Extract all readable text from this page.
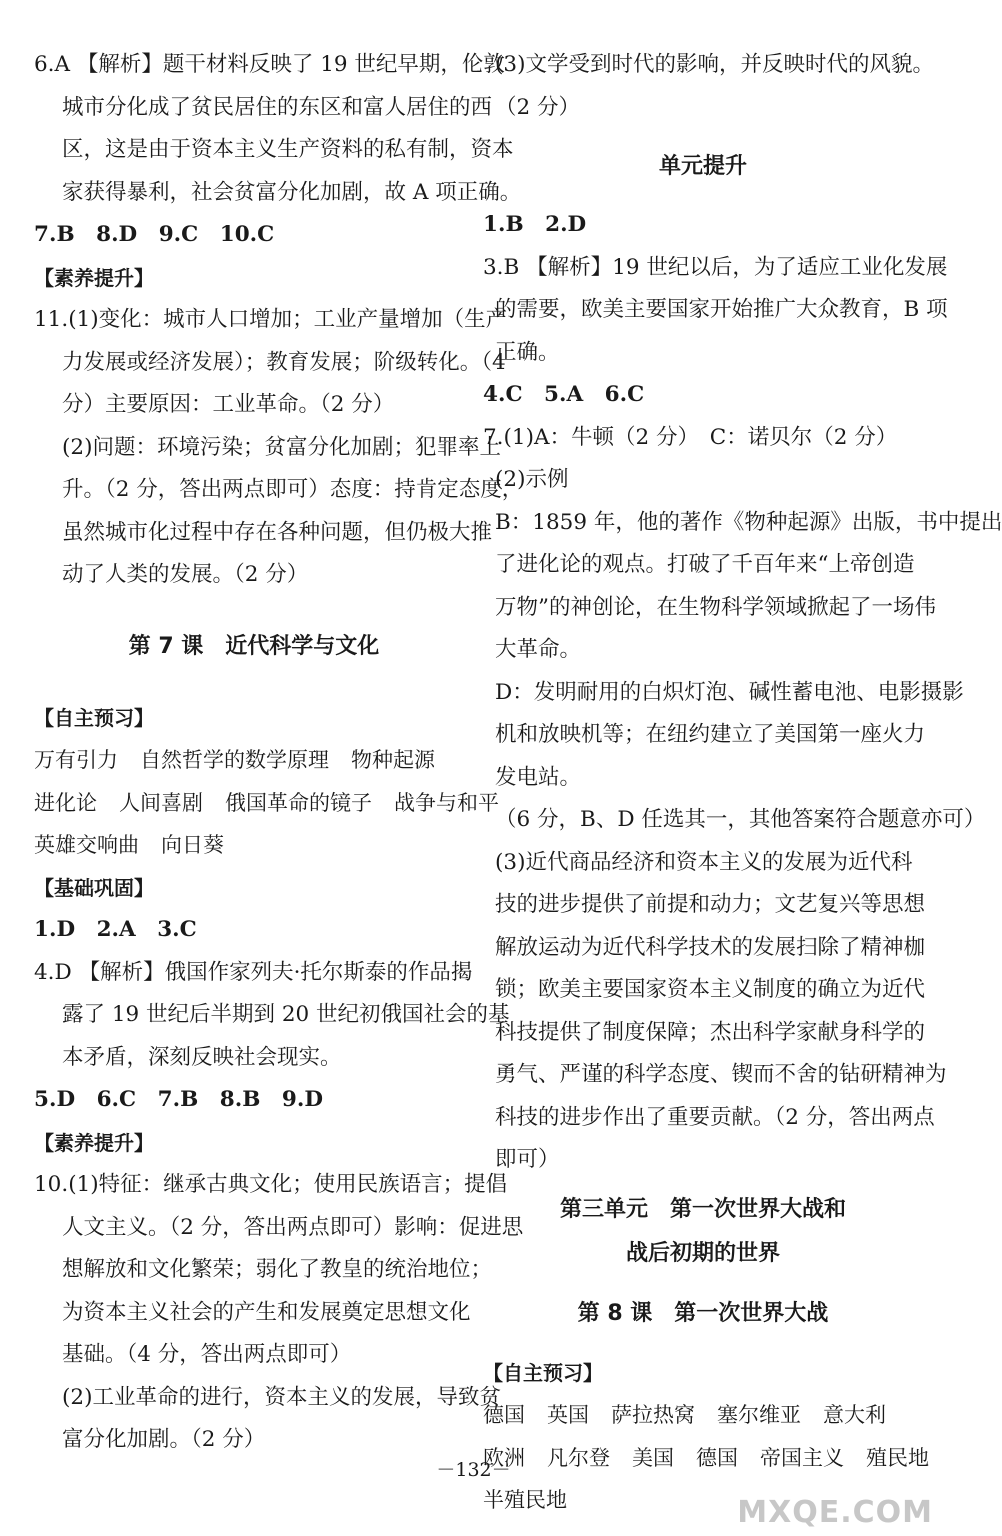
6.A 【解析】题干材料反映了 19 世纪早期，伦敦
城市分化成了贫民居住的东区和富人居住的西
区，这是由于资本主义生产资料的私有制，资本
家获得暴利，社会贫富分化加剧，故 A 项正确。
7.B　8.D　9.C　10.C
【素养提升】
11.(1)变化：城市人口增加；工业产量增加（生产
力发展或经济发展）；教育发展；阶级转化。（4
分）主要原因：工业革命。（2 分）
(2)问题：环境污染；贫富分化加剧；犯罪率上
升。（2 分，答出两点即可）态度：持肯定态度，
虽然城市化过程中存在各种问题，但仍极大推
动了人类的发展。（2 分）
第 7 课　近代科学与文化
【自主预习】
万有引力 自然哲学的数学原理 物种起源
进化论 人间喜剧 俄国革命的镜子 战争与和平
英雄交响曲 向日葵
【基础巩固】
1.D　2.A　3.C
4.D 【解析】俄国作家列夫·托尔斯泰的作品揭
露了 19 世纪后半期到 20 世纪初俄国社会的基
本矛盾，深刻反映社会现实。
5.D　6.C　7.B　8.B　9.D
【素养提升】
10.(1)特征：继承古典文化；使用民族语言；提倡
人文主义。（2 分，答出两点即可）影响：促进思
想解放和文化繁荣；弱化了教皇的统治地位；
为资本主义社会的产生和发展奠定思想文化
基础。（4 分，答出两点即可）
(2)工业革命的进行，资本主义的发展，导致贫
富分化加剧。（2 分）
(3)文学受到时代的影响，并反映时代的风貌。
（2 分）
单元提升
1.B　2.D
3.B 【解析】19 世纪以后，为了适应工业化发展
的需要，欧美主要国家开始推广大众教育，B 项
正确。
4.C　5.A　6.C
7.(1)A：牛顿（2 分）　C：诺贝尔（2 分）
(2)示例
B：1859 年，他的著作《物种起源》出版，书中提出
了进化论的观点。打破了千百年来“上帝创造
万物”的神创论，在生物科学领域掀起了一场伟
大革命。
D：发明耐用的白炽灯泡、碱性蓄电池、电影摄影
机和放映机等；在纽约建立了美国第一座火力
发电站。
（6 分，B、D 任选其一，其他答案符合题意亦可）
(3)近代商品经济和资本主义的发展为近代科
技的进步提供了前提和动力；文艺复兴等思想
解放运动为近代科学技术的发展扫除了精神枷
锁；欧美主要国家资本主义制度的确立为近代
科技提供了制度保障；杰出科学家献身科学的
勇气、严谨的科学态度、锲而不舍的钻研精神为
科技的进步作出了重要贡献。（2 分，答出两点
即可）
第三单元　第一次世界大战和
战后初期的世界
第 8 课　第一次世界大战
【自主预习】
德国 英国 萨拉热窝 塞尔维亚 意大利
欧洲 凡尔登 美国 德国 帝国主义 殖民地
半殖民地
－132－
MXQE.COM
